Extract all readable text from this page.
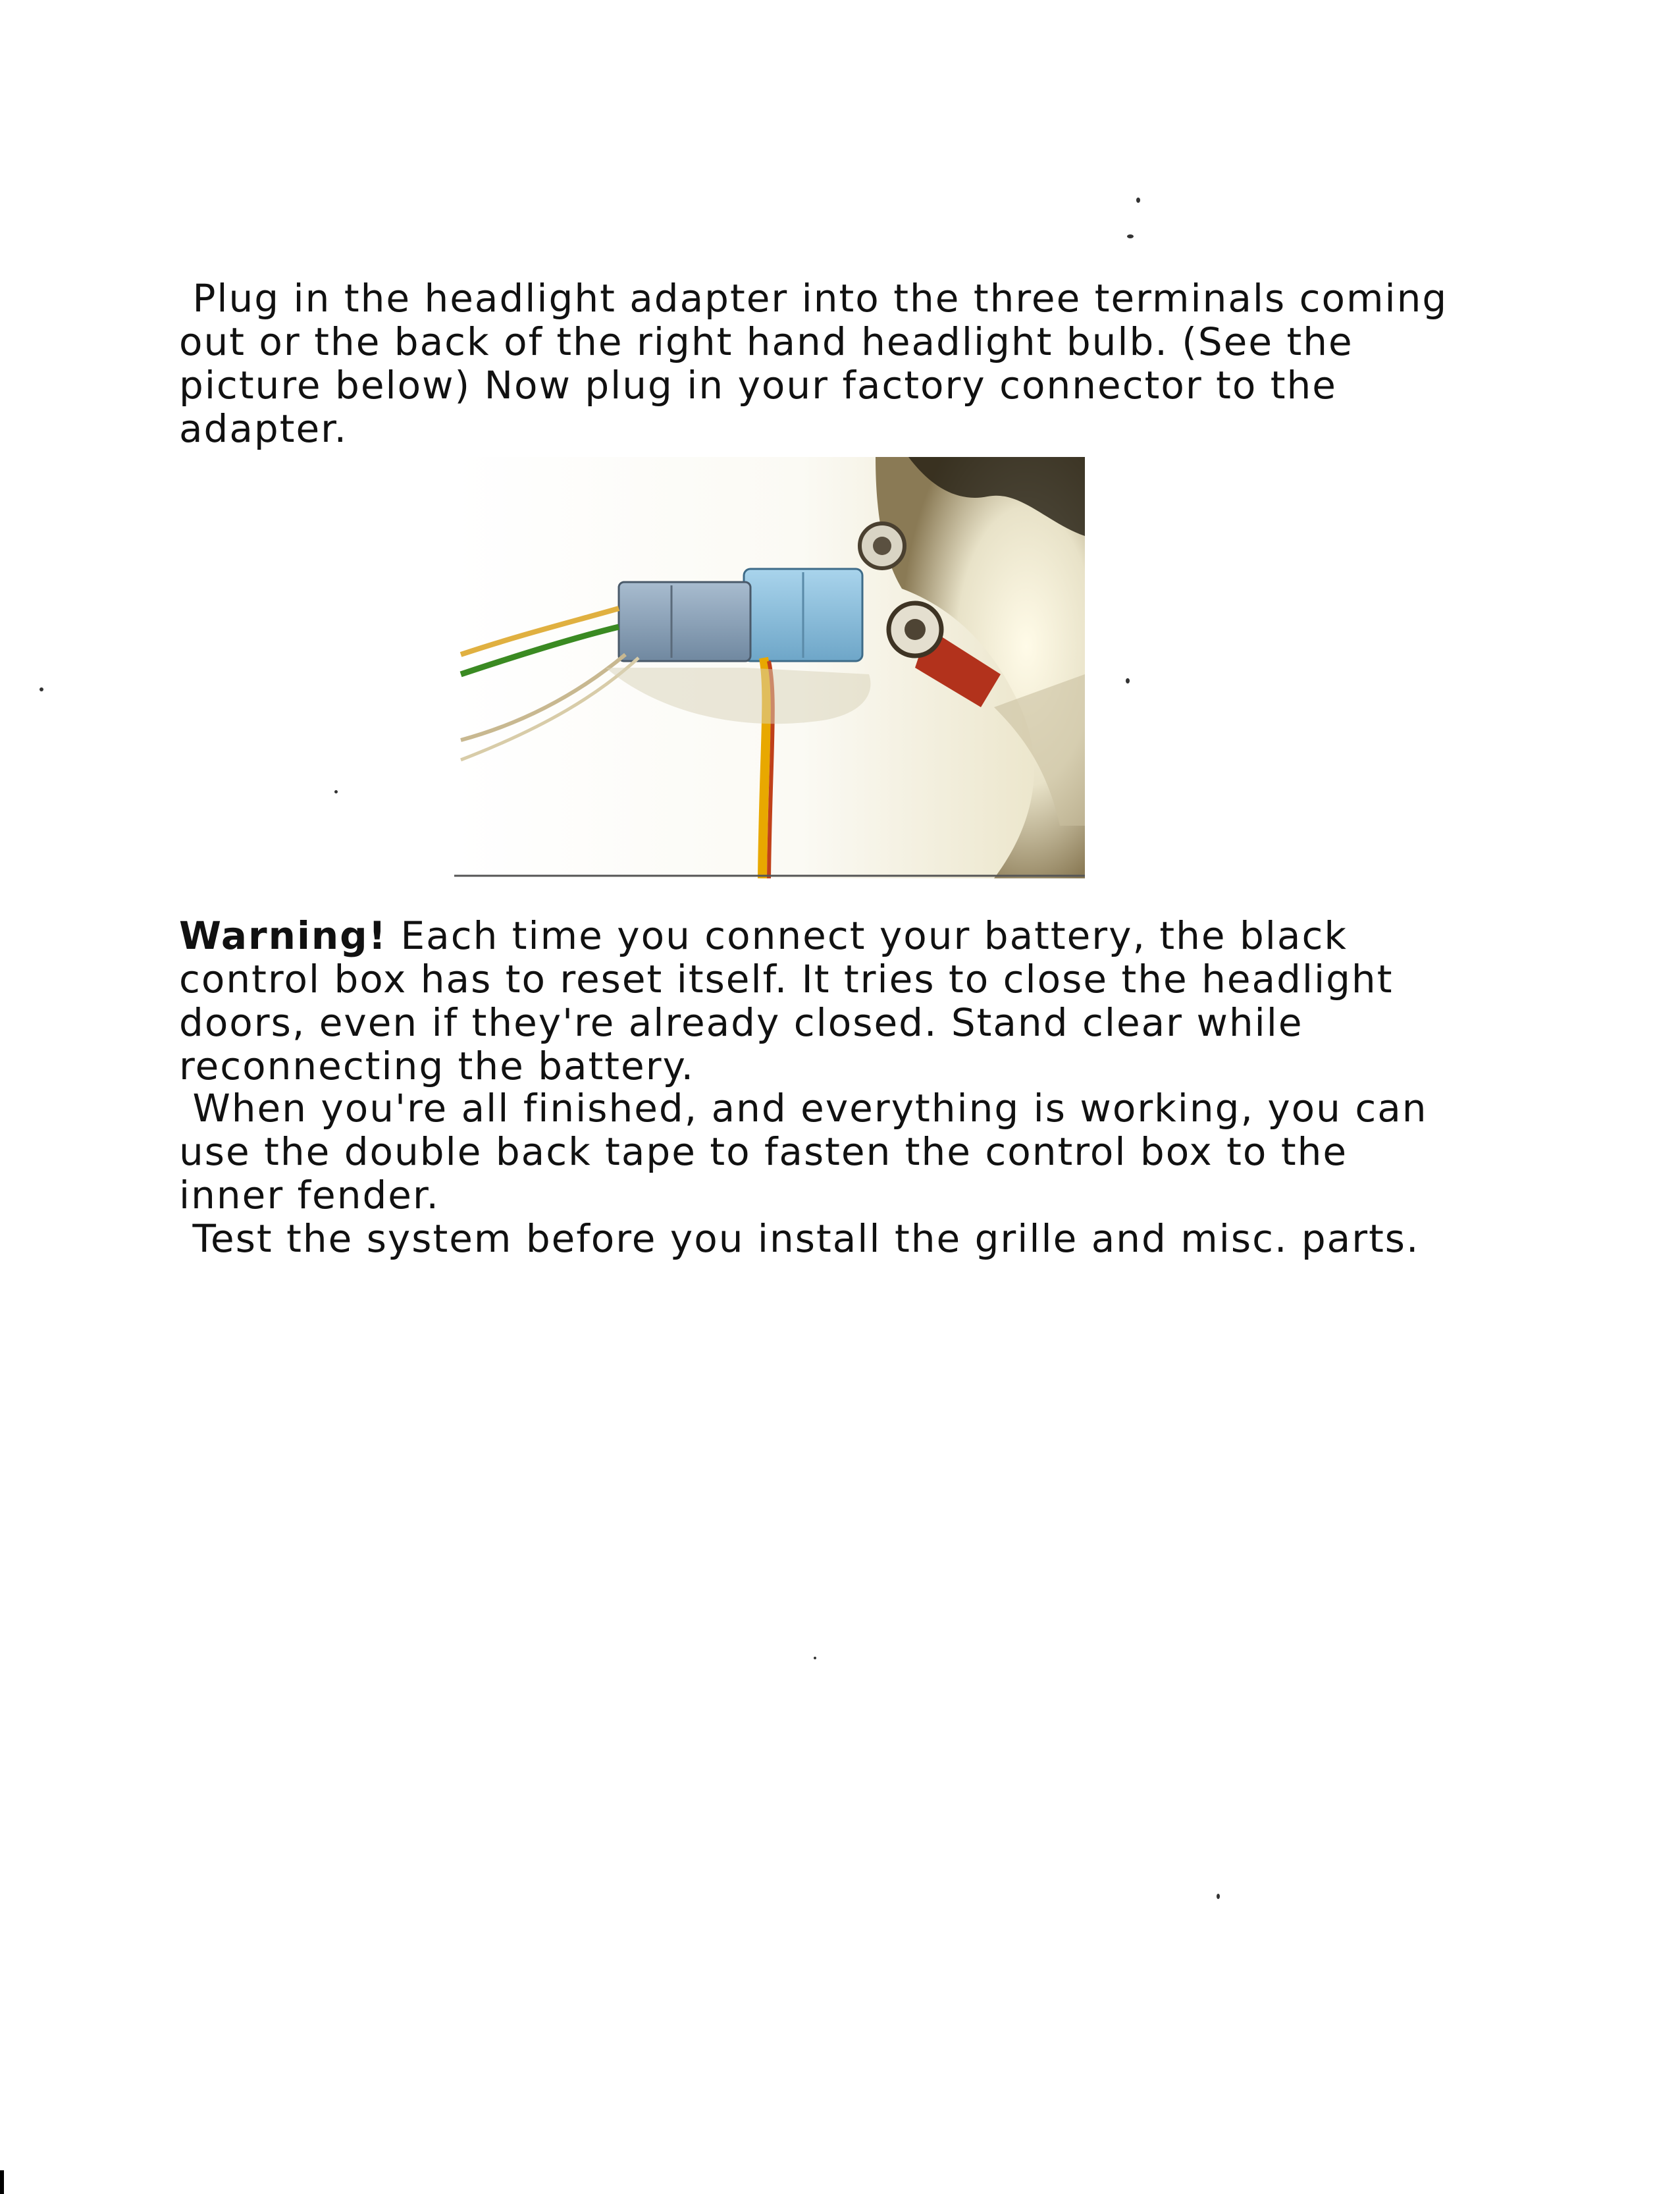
Plug in the headlight adapter into the three terminals coming
out or the back of the right hand headlight bulb. (See the
picture below) Now plug in your factory connector to the
adapter.

Warning! Each time you connect your battery, the black
control box has to reset itself. It tries to close the headlight
doors, even if they're already closed. Stand clear while
reconnecting the battery.

When you're all finished, and everything is working, you can
use the double back tape to fasten the control box to the
inner fender.

Test the system before you install the grille and misc. parts.
